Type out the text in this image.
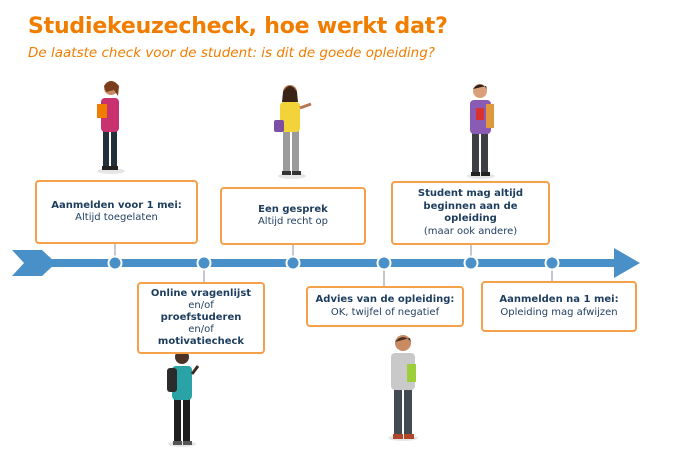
Studiekeuzecheck, hoe werkt dat?

De laatste check voor de student: is dit de goede opleiding?

Aanmelden voor 1 mei:
Altijd toegelaten
Online vragenlijst
en/of
proefstuderen
en/of
motivatiecheck
Een gesprek
Altijd recht op
Advies van de opleiding:
OK, twijfel of negatief
Student mag altijd
beginnen aan de opleiding
(maar ook andere)
Aanmelden na 1 mei:
Opleiding mag afwijzen
